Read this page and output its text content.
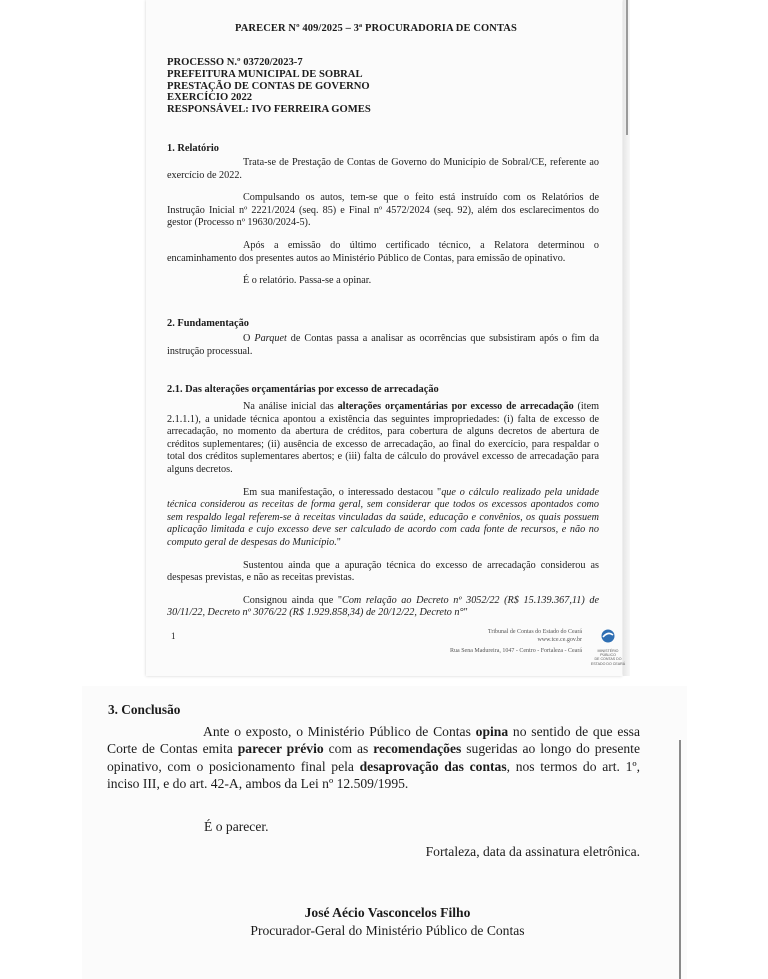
PARECER Nº 409/2025 – 3ª PROCURADORIA DE CONTAS
PROCESSO N.º 03720/2023-7
PREFEITURA MUNICIPAL DE SOBRAL
PRESTAÇÃO DE CONTAS DE GOVERNO
EXERCÍCIO 2022
RESPONSÁVEL: IVO FERREIRA GOMES
1. Relatório

Trata-se de Prestação de Contas de Governo do Município de Sobral/CE, referente ao exercício de 2022.

Compulsando os autos, tem-se que o feito está instruído com os Relatórios de Instrução Inicial nº 2221/2024 (seq. 85) e Final nº 4572/2024 (seq. 92), além dos esclarecimentos do gestor (Processo nº 19630/2024-5).

Após a emissão do último certificado técnico, a Relatora determinou o encaminhamento dos presentes autos ao Ministério Público de Contas, para emissão de opinativo.

É o relatório. Passa-se a opinar.

2. Fundamentação

O Parquet de Contas passa a analisar as ocorrências que subsistiram após o fim da instrução processual.

2.1. Das alterações orçamentárias por excesso de arrecadação

Na análise inicial das alterações orçamentárias por excesso de arrecadação (item 2.1.1.1), a unidade técnica apontou a existência das seguintes impropriedades: (i) falta de excesso de arrecadação, no momento da abertura de créditos, para cobertura de alguns decretos de abertura de créditos suplementares; (ii) ausência de excesso de arrecadação, ao final do exercício, para respaldar o total dos créditos suplementares abertos; e (iii) falta de cálculo do provável excesso de arrecadação para alguns decretos.

Em sua manifestação, o interessado destacou "que o cálculo realizado pela unidade técnica considerou as receitas de forma geral, sem considerar que todos os excessos apontados como sem respaldo legal referem-se à receitas vinculadas da saúde, educação e convênios, os quais possuem aplicação limitada e cujo excesso deve ser calculado de acordo com cada fonte de recursos, e não no computo geral de despesas do Município."

Sustentou ainda que a apuração técnica do excesso de arrecadação considerou as despesas previstas, e não as receitas previstas.

Consignou ainda que "Com relação ao Decreto nº 3052/22 (R$ 15.139.367,11) de 30/11/22, Decreto nº 3076/22 (R$ 1.929.858,34) de 20/12/22, Decreto n°"

1	Tribunal de Contas do Estado do Ceará
www.tce.ce.gov.br
Rua Sena Madureira, 1047 - Centro - Fortaleza - Ceará	MINISTÉRIO PÚBLICO
DE CONTAS DO ESTADO DO CEARÁ
3. Conclusão

Ante o exposto, o Ministério Público de Contas opina no sentido de que essa Corte de Contas emita parecer prévio com as recomendações sugeridas ao longo do presente opinativo, com o posicionamento final pela desaprovação das contas, nos termos do art. 1º, inciso III, e do art. 42-A, ambos da Lei nº 12.509/1995.

É o parecer.
Fortaleza, data da assinatura eletrônica.
José Aécio Vasconcelos Filho
Procurador-Geral do Ministério Público de Contas
